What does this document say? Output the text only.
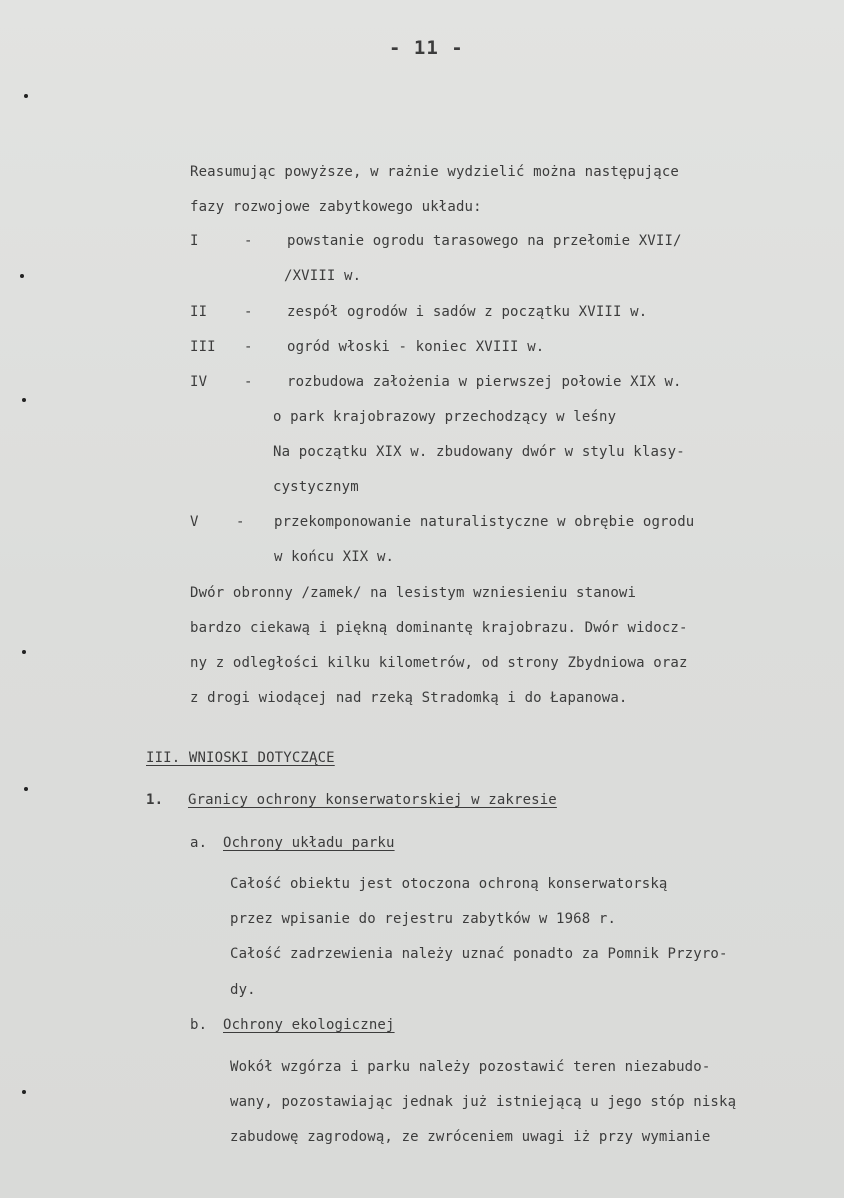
- 11 -
Reasumując powyższe, w rażnie wydzielić można następujące
fazy rozwojowe zabytkowego układu:
I	- powstanie ogrodu tarasowego na przełomie XVII/
/XVIII w.
II	- zespół ogrodów i sadów z początku XVIII w.
III - ogród włoski - koniec XVIII w.
IV	- rozbudowa założenia w pierwszej połowie XIX w.
o park krajobrazowy przechodzący w leśny
Na początku XIX w. zbudowany dwór w stylu klasy-
cystycznym
V	- przekomponowanie naturalistyczne w obrębie ogrodu
w końcu XIX w.
Dwór obronny /zamek/ na lesistym wzniesieniu stanowi
bardzo ciekawą i piękną dominantę krajobrazu. Dwór widocz-
ny z odległości kilku kilometrów, od strony Zbydniowa oraz
z drogi wiodącej nad rzeką Stradomką i do Łapanowa.
III. WNIOSKI DOTYCZĄCE
1. Granicy ochrony konserwatorskiej w zakresie
a. Ochrony układu parku
Całość obiektu jest otoczona ochroną konserwatorską
przez wpisanie do rejestru zabytków w 1968 r.
Całość zadrzewienia należy uznać ponadto za Pomnik Przyro-
dy.
b. Ochrony ekologicznej
Wokół wzgórza i parku należy pozostawić teren niezabudo-
wany, pozostawiając jednak już istniejącą u jego stóp niską
zabudowę zagrodową, ze zwróceniem uwagi iż przy wymianie
